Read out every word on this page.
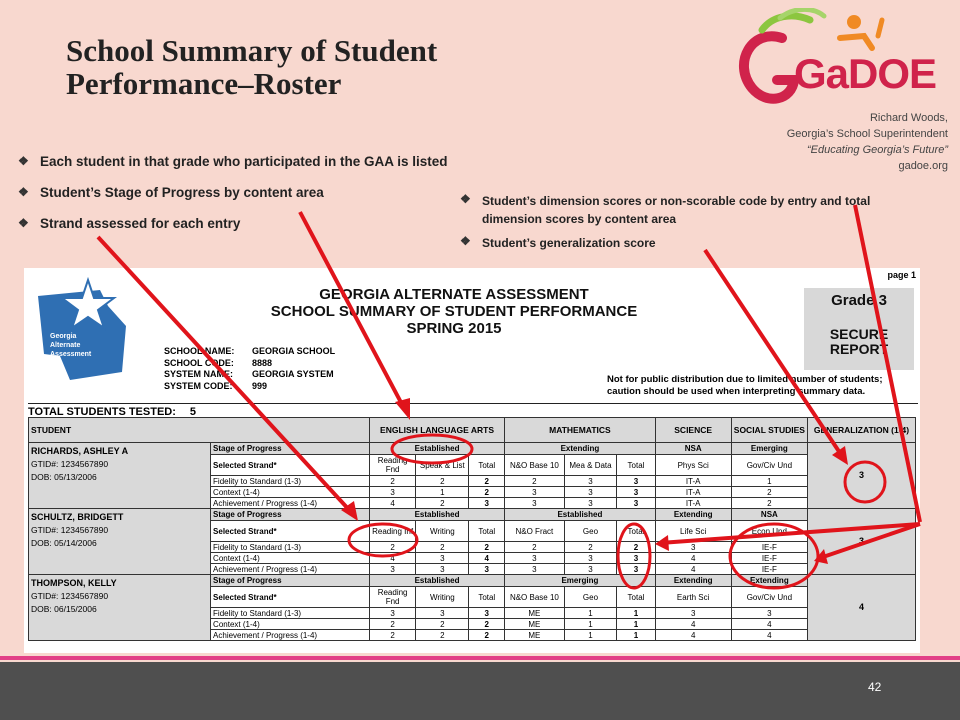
School Summary of Student
Performance–Roster	GaDOE
Richard Woods,
Georgia’s School Superintendent
“Educating Georgia’s Future”
gadoe.org
❖ Each student in that grade who participated in the GAA is listed
❖ Student’s Stage of Progress by content area
❖ Strand assessed for each entry
❖ Student’s dimension scores or non-scorable code by entry and total dimension scores by content area
❖ Student’s generalization score
page 1
Georgia
Alternate
Assessment
GEORGIA ALTERNATE ASSESSMENT
SCHOOL SUMMARY OF STUDENT PERFORMANCE
SPRING 2015
SCHOOL NAME:	GEORGIA SCHOOL
SCHOOL CODE:	8888
SYSTEM NAME:	GEORGIA SYSTEM
SYSTEM CODE:	999
Grade 3
SECURE
REPORT
Not for public distribution due to limited number of students;
caution should be used when interpreting summary data.
TOTAL STUDENTS TESTED: 5
STUDENT		ENGLISH LANGUAGE ARTS			MATHEMATICS			SCIENCE	SOCIAL STUDIES	GENERALIZATION (1-4)

RICHARDS, ASHLEY A
GTID#: 1234567890
DOB: 05/13/2006	Stage of Progress	Established			Extending			NSA	Emerging	3
	Selected Strand*	Reading Fnd	Speak & List	Total	N&O Base 10	Mea & Data	Total	Phys Sci	Gov/Civ Und	
	Fidelity to Standard (1-3)	2	2	2	2	3	3	IT-A	1	
	Context (1-4)	3	1	2	3	3	3	IT-A	2	
	Achievement / Progress (1-4)	4	2	3	3	3	3	IT-A	2	

SCHULTZ, BRIDGETT
GTID#: 1234567890
DOB: 05/14/2006	Stage of Progress	Established			Established			Extending	NSA	3
	Selected Strand*	Reading Inf	Writing	Total	N&O Fract	Geo	Total	Life Sci	Econ Und	
	Fidelity to Standard (1-3)	2	2	2	2	2	2	3	IE-F	
	Context (1-4)	4	3	4	3	3	3	4	IE-F	
	Achievement / Progress (1-4)	3	3	3	3	3	3	4	IE-F	

THOMPSON, KELLY
GTID#: 1234567890
DOB: 06/15/2006	Stage of Progress	Established			Emerging			Extending	Extending	4
	Selected Strand*	Reading Fnd	Writing	Total	N&O Base 10	Geo	Total	Earth Sci	Gov/Civ Und	
	Fidelity to Standard (1-3)	3	3	3	ME	1	1	3	3	
	Context (1-4)	2	2	2	ME	1	1	4	4	
	Achievement / Progress (1-4)	2	2	2	ME	1	1	4	4	
42
